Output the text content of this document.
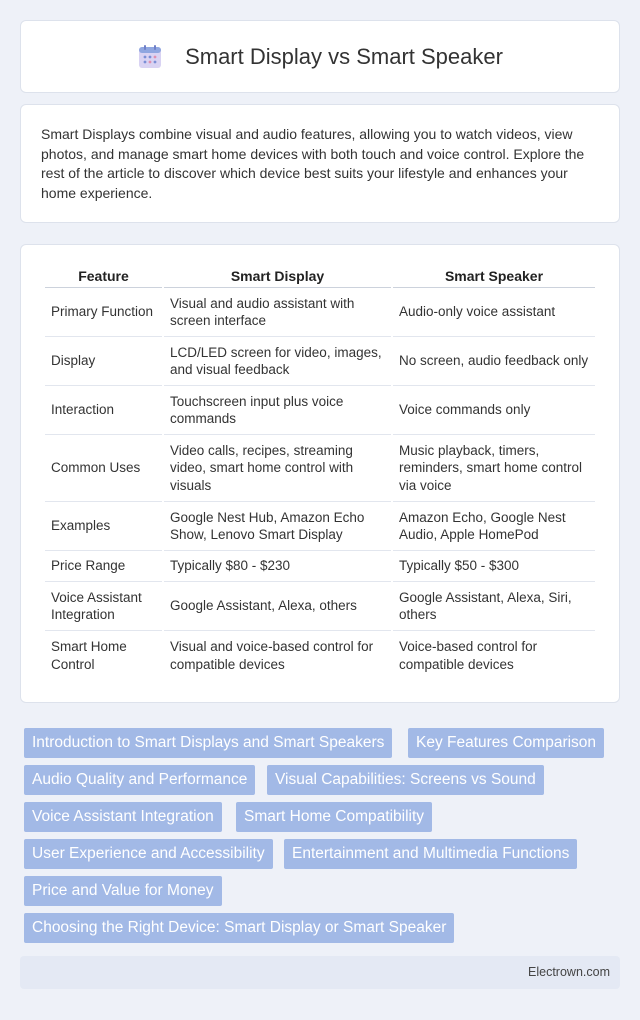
Smart Display vs Smart Speaker

Smart Displays combine visual and audio features, allowing you to watch videos, view photos, and manage smart home devices with both touch and voice control. Explore the rest of the article to discover which device best suits your lifestyle and enhances your home experience.

Feature	Smart Display	Smart Speaker
Primary Function	Visual and audio assistant with screen interface	Audio-only voice assistant
Display	LCD/LED screen for video, images, and visual feedback	No screen, audio feedback only
Interaction	Touchscreen input plus voice commands	Voice commands only
Common Uses	Video calls, recipes, streaming video, smart home control with visuals	Music playback, timers, reminders, smart home control via voice
Examples	Google Nest Hub, Amazon Echo Show, Lenovo Smart Display	Amazon Echo, Google Nest Audio, Apple HomePod
Price Range	Typically $80 - $230	Typically $50 - $300
Voice Assistant Integration	Google Assistant, Alexa, others	Google Assistant, Alexa, Siri, others
Smart Home Control	Visual and voice-based control for compatible devices	Voice-based control for compatible devices
Introduction to Smart Displays and Smart Speakers	Key Features Comparison
Audio Quality and Performance	Visual Capabilities: Screens vs Sound
Voice Assistant Integration	Smart Home Compatibility
User Experience and Accessibility	Entertainment and Multimedia Functions
Price and Value for Money
Choosing the Right Device: Smart Display or Smart Speaker
Electrown.com
